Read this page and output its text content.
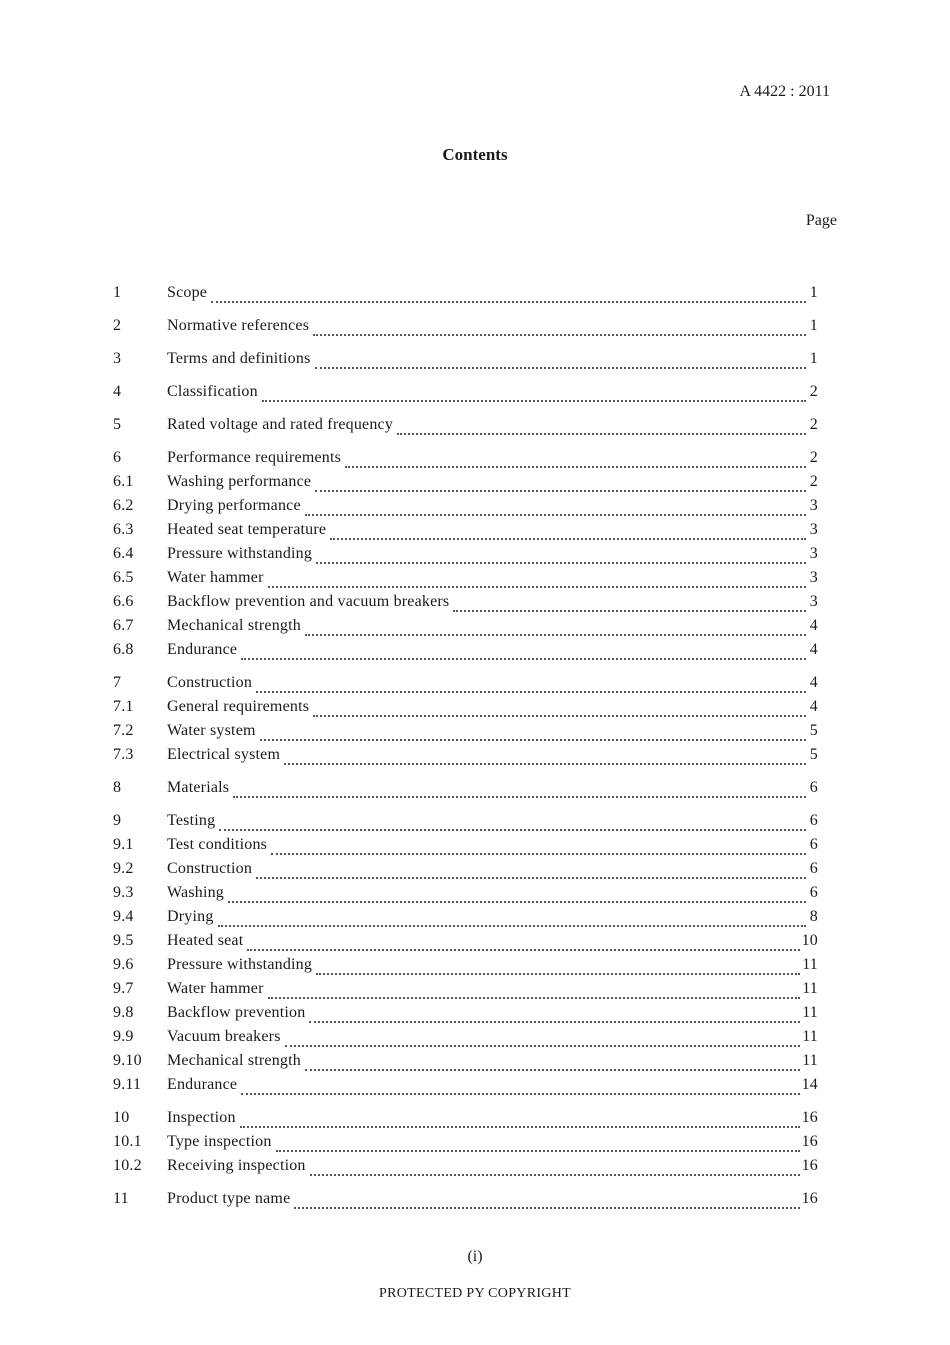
A 4422 : 2011
Contents
Page
1	Scope	1
2	Normative references	1
3	Terms and definitions	1
4	Classification	2
5	Rated voltage and rated frequency	2
6	Performance requirements	2
6.1	Washing performance	2
6.2	Drying performance	3
6.3	Heated seat temperature	3
6.4	Pressure withstanding	3
6.5	Water hammer	3
6.6	Backflow prevention and vacuum breakers	3
6.7	Mechanical strength	4
6.8	Endurance	4
7	Construction	4
7.1	General requirements	4
7.2	Water system	5
7.3	Electrical system	5
8	Materials	6
9	Testing	6
9.1	Test conditions	6
9.2	Construction	6
9.3	Washing	6
9.4	Drying	8
9.5	Heated seat	10
9.6	Pressure withstanding	11
9.7	Water hammer	11
9.8	Backflow prevention	11
9.9	Vacuum breakers	11
9.10	Mechanical strength	11
9.11	Endurance	14
10	Inspection	16
10.1	Type inspection	16
10.2	Receiving inspection	16
11	Product type name	16
(i)
PROTECTED PY COPYRIGHT
